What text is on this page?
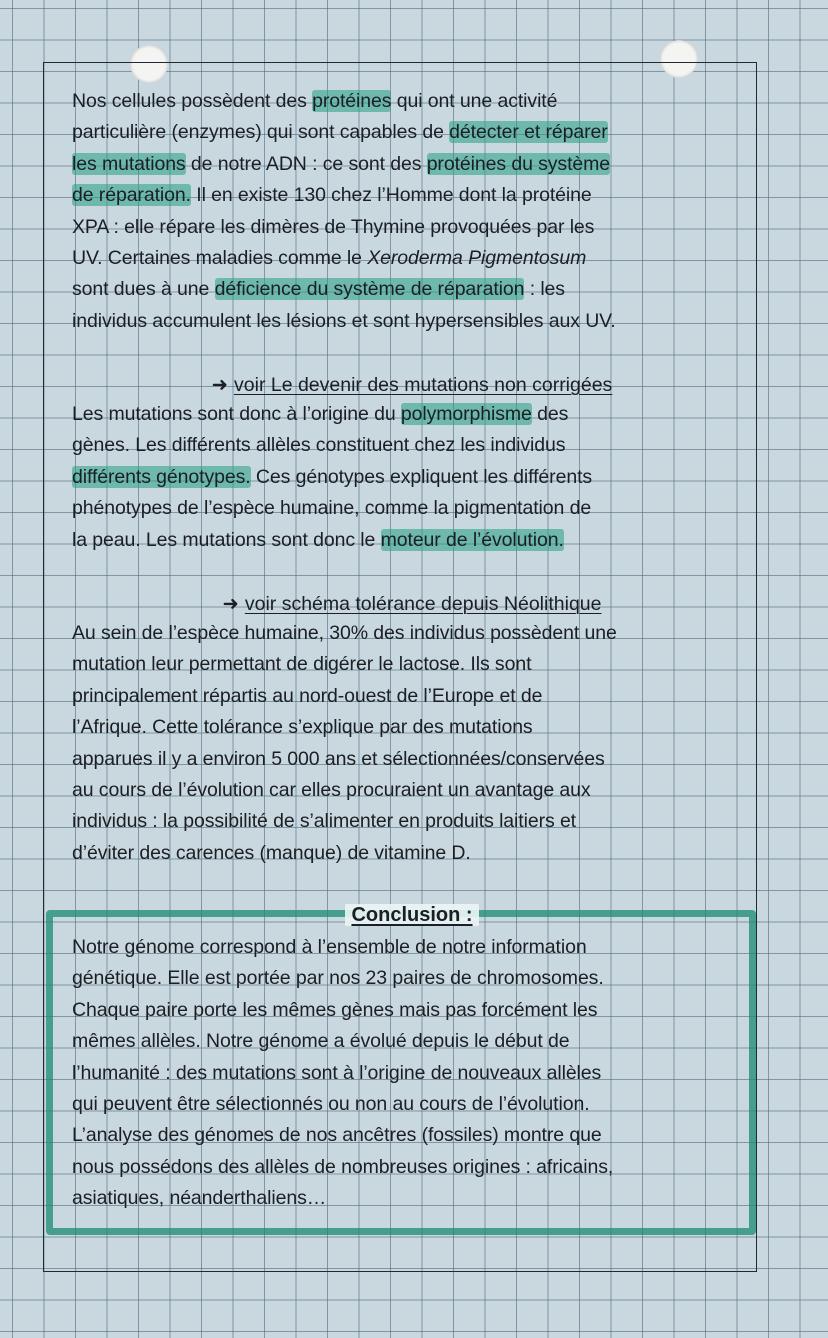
Nos cellules possèdent des protéines qui ont une activité
particulière (enzymes) qui sont capables de détecter et réparer
les mutations de notre ADN : ce sont des protéines du système
de réparation. Il en existe 130 chez l’Homme dont la protéine
XPA : elle répare les dimères de Thymine provoquées par les
UV. Certaines maladies comme le Xeroderma Pigmentosum
sont dues à une déficience du système de réparation : les
individus accumulent les lésions et sont hypersensibles aux UV.
➜ voir Le devenir des mutations non corrigées
Les mutations sont donc à l’origine du polymorphisme des
gènes. Les différents allèles constituent chez les individus
différents génotypes. Ces génotypes expliquent les différents
phénotypes de l’espèce humaine, comme la pigmentation de
la peau. Les mutations sont donc le moteur de l’évolution.
➜ voir schéma tolérance depuis Néolithique
Au sein de l’espèce humaine, 30% des individus possèdent une
mutation leur permettant de digérer le lactose. Ils sont
principalement répartis au nord-ouest de l’Europe et de
l’Afrique. Cette tolérance s’explique par des mutations
apparues il y a environ 5 000 ans et sélectionnées/conservées
au cours de l’évolution car elles procuraient un avantage aux
individus : la possibilité de s’alimenter en produits laitiers et
d’éviter des carences (manque) de vitamine D.
Conclusion :
Notre génome correspond à l’ensemble de notre information
génétique. Elle est portée par nos 23 paires de chromosomes.
Chaque paire porte les mêmes gènes mais pas forcément les
mêmes allèles. Notre génome a évolué depuis le début de
l’humanité : des mutations sont à l’origine de nouveaux allèles
qui peuvent être sélectionnés ou non au cours de l’évolution.
L’analyse des génomes de nos ancêtres (fossiles) montre que
nous possédons des allèles de nombreuses origines : africains,
asiatiques, néanderthaliens…
